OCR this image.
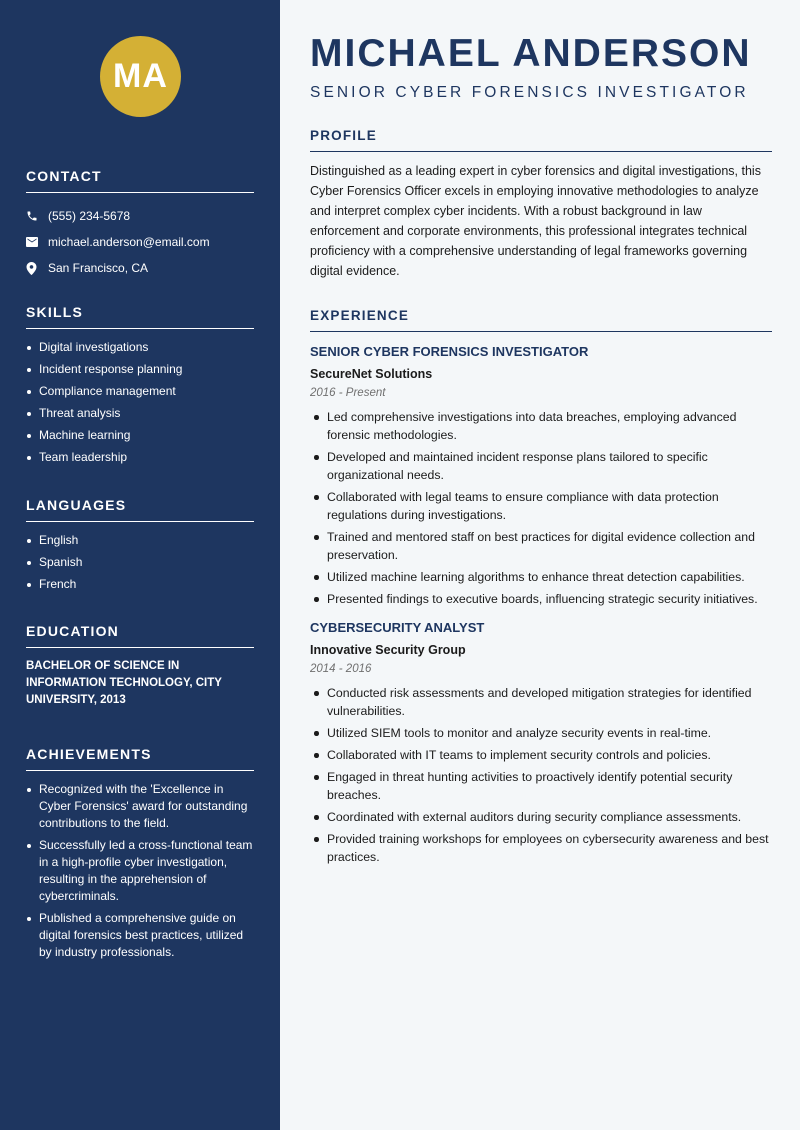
MA
CONTACT
(555) 234-5678
michael.anderson@email.com
San Francisco, CA
SKILLS
Digital investigations
Incident response planning
Compliance management
Threat analysis
Machine learning
Team leadership
LANGUAGES
English
Spanish
French
EDUCATION
BACHELOR OF SCIENCE IN INFORMATION TECHNOLOGY, CITY UNIVERSITY, 2013
ACHIEVEMENTS
Recognized with the 'Excellence in Cyber Forensics' award for outstanding contributions to the field.
Successfully led a cross-functional team in a high-profile cyber investigation, resulting in the apprehension of cybercriminals.
Published a comprehensive guide on digital forensics best practices, utilized by industry professionals.
MICHAEL ANDERSON
SENIOR CYBER FORENSICS INVESTIGATOR
PROFILE
Distinguished as a leading expert in cyber forensics and digital investigations, this Cyber Forensics Officer excels in employing innovative methodologies to analyze and interpret complex cyber incidents. With a robust background in law enforcement and corporate environments, this professional integrates technical proficiency with a comprehensive understanding of legal frameworks governing digital evidence.
EXPERIENCE
SENIOR CYBER FORENSICS INVESTIGATOR
SecureNet Solutions
2016 - Present
Led comprehensive investigations into data breaches, employing advanced forensic methodologies.
Developed and maintained incident response plans tailored to specific organizational needs.
Collaborated with legal teams to ensure compliance with data protection regulations during investigations.
Trained and mentored staff on best practices for digital evidence collection and preservation.
Utilized machine learning algorithms to enhance threat detection capabilities.
Presented findings to executive boards, influencing strategic security initiatives.
CYBERSECURITY ANALYST
Innovative Security Group
2014 - 2016
Conducted risk assessments and developed mitigation strategies for identified vulnerabilities.
Utilized SIEM tools to monitor and analyze security events in real-time.
Collaborated with IT teams to implement security controls and policies.
Engaged in threat hunting activities to proactively identify potential security breaches.
Coordinated with external auditors during security compliance assessments.
Provided training workshops for employees on cybersecurity awareness and best practices.
